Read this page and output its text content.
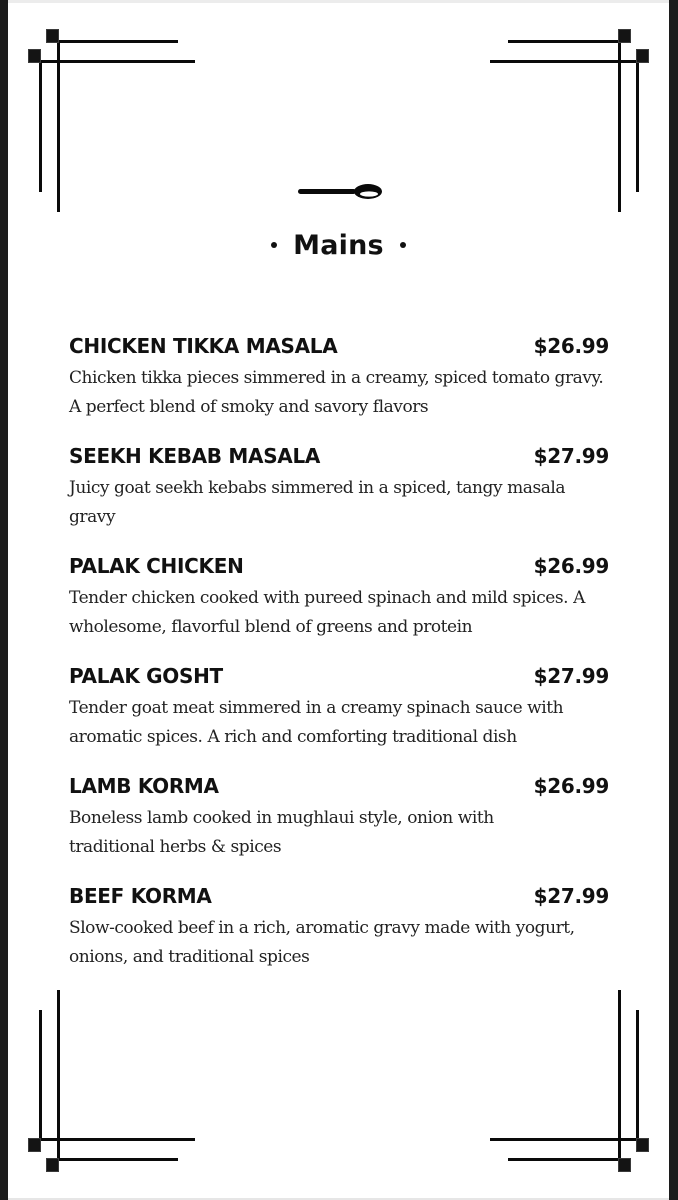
Mains
CHICKEN TIKKA MASALA	$26.99
Chicken tikka pieces simmered in a creamy, spiced tomato gravy. A perfect blend of smoky and savory flavors
SEEKH KEBAB MASALA	$27.99
Juicy goat seekh kebabs simmered in a spiced, tangy masala gravy
PALAK CHICKEN	$26.99
Tender chicken cooked with pureed spinach and mild spices. A wholesome, flavorful blend of greens and protein
PALAK GOSHT	$27.99
Tender goat meat simmered in a creamy spinach sauce with aromatic spices. A rich and comforting traditional dish
LAMB KORMA	$26.99
Boneless lamb cooked in mughlaui style, onion with traditional herbs & spices
BEEF KORMA	$27.99
Slow-cooked beef in a rich, aromatic gravy made with yogurt, onions, and traditional spices
